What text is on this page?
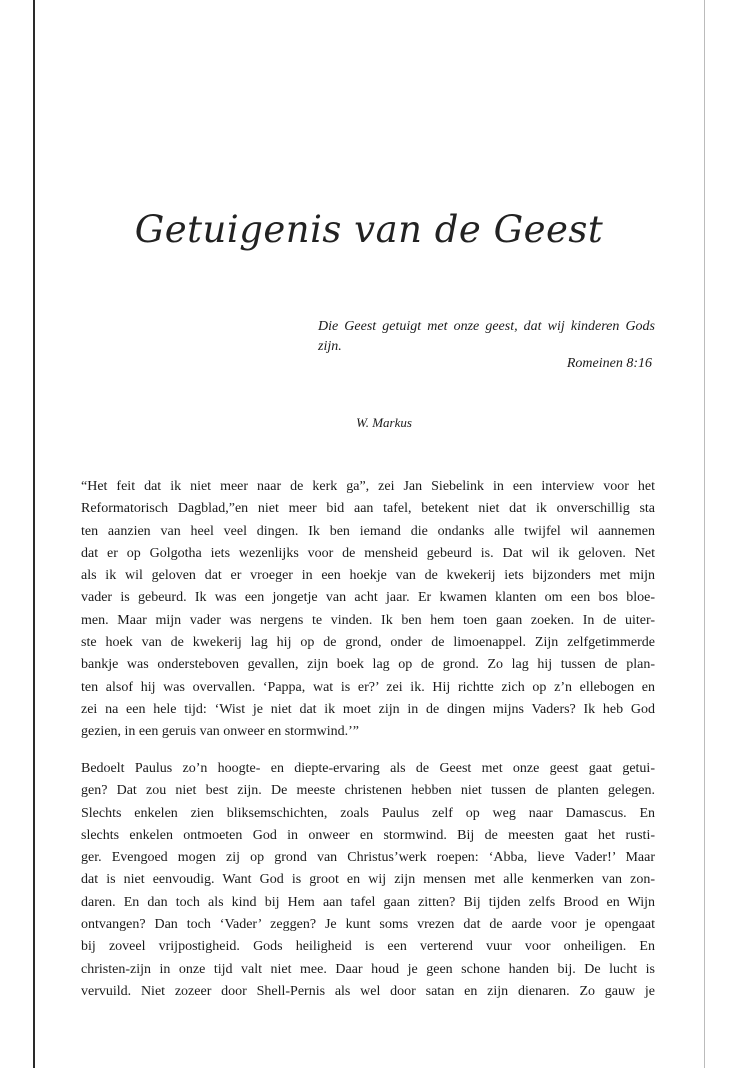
Getuigenis van de Geest
Die Geest getuigt met onze geest, dat wij kinderen Gods zijn.
Romeinen 8:16
W. Markus
“Het feit dat ik niet meer naar de kerk ga”, zei Jan Siebelink in een interview voor het
Reformatorisch Dagblad,”en niet meer bid aan tafel, betekent niet dat ik onverschillig sta
ten aanzien van heel veel dingen. Ik ben iemand die ondanks alle twijfel wil aannemen
dat er op Golgotha iets wezenlijks voor de mensheid gebeurd is. Dat wil ik geloven. Net
als ik wil geloven dat er vroeger in een hoekje van de kwekerij iets bijzonders met mijn
vader is gebeurd. Ik was een jongetje van acht jaar. Er kwamen klanten om een bos bloe-
men. Maar mijn vader was nergens te vinden. Ik ben hem toen gaan zoeken. In de uiter-
ste hoek van de kwekerij lag hij op de grond, onder de limoenappel. Zijn zelfgetimmerde
bankje was ondersteboven gevallen, zijn boek lag op de grond. Zo lag hij tussen de plan-
ten alsof hij was overvallen. ‘Pappa, wat is er?’ zei ik. Hij richtte zich op z’n ellebogen en
zei na een hele tijd: ‘Wist je niet dat ik moet zijn in de dingen mijns Vaders? Ik heb God
gezien, in een geruis van onweer en stormwind.’”
Bedoelt Paulus zo’n hoogte- en diepte-ervaring als de Geest met onze geest gaat getui-
gen? Dat zou niet best zijn. De meeste christenen hebben niet tussen de planten gelegen.
Slechts enkelen zien bliksemschichten, zoals Paulus zelf op weg naar Damascus. En
slechts enkelen ontmoeten God in onweer en stormwind. Bij de meesten gaat het rusti-
ger. Evengoed mogen zij op grond van Christus’werk roepen: ‘Abba, lieve Vader!’ Maar
dat is niet eenvoudig. Want God is groot en wij zijn mensen met alle kenmerken van zon-
daren. En dan toch als kind bij Hem aan tafel gaan zitten? Bij tijden zelfs Brood en Wijn
ontvangen? Dan toch ‘Vader’ zeggen? Je kunt soms vrezen dat de aarde voor je opengaat
bij zoveel vrijpostigheid. Gods heiligheid is een verterend vuur voor onheiligen. En
christen-zijn in onze tijd valt niet mee. Daar houd je geen schone handen bij. De lucht is
vervuild. Niet zozeer door Shell-Pernis als wel door satan en zijn dienaren. Zo gauw je
